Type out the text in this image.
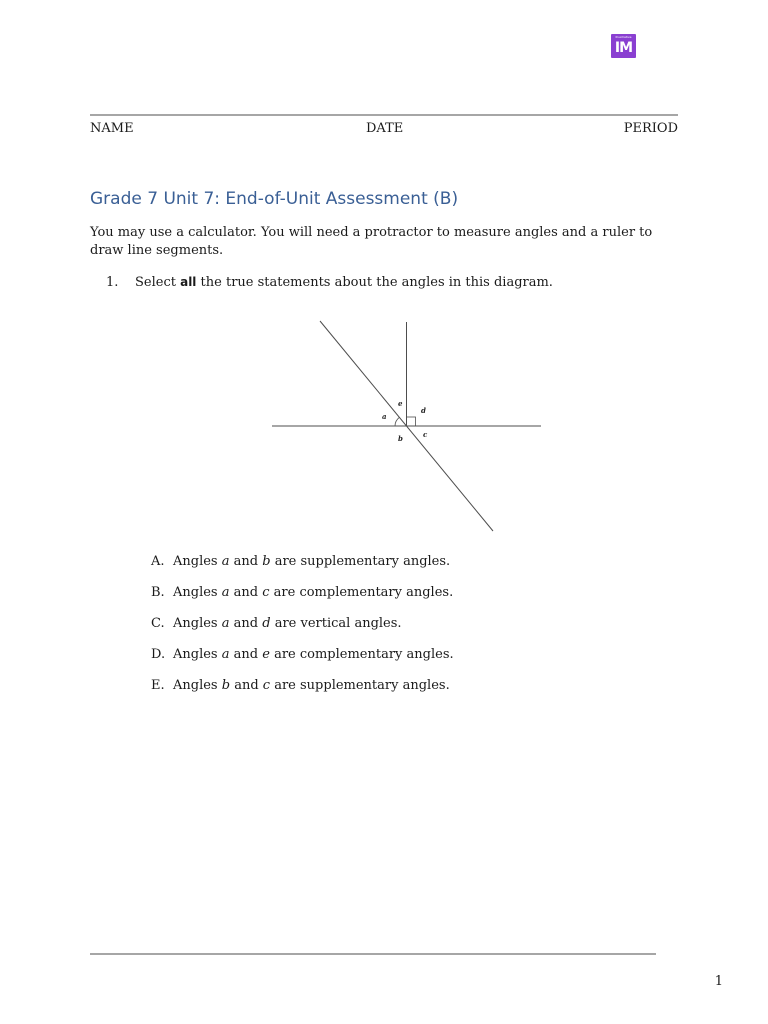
Illustrative
IM
NAME	DATE	PERIOD
Grade 7 Unit 7: End-of-Unit Assessment (B)
You may use a calculator. You will need a protractor to measure angles and a ruler to draw line segments.
1. Select all the true statements about the angles in this diagram.
a
b	c
d
e
A. Angles a and b are supplementary angles.
B. Angles a and c are complementary angles.
C. Angles a and d are vertical angles.
D. Angles a and e are complementary angles.
E. Angles b and c are supplementary angles.
1
